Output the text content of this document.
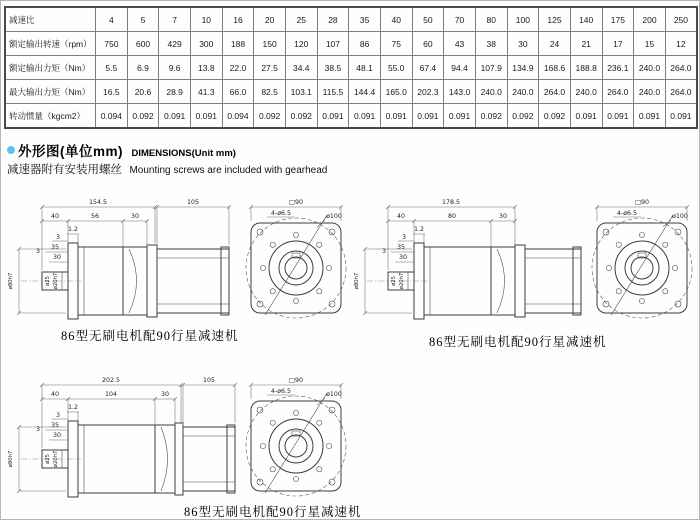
减速比	4	5	7	10	16	20	25	28	35	40	50	70	80	100	125	140	175	200	250
额定输出转速（rpm）	750	600	429	300	188	150	120	107	86	75	60	43	38	30	24	21	17	15	12
额定输出力矩（Nm）	5.5	6.9	9.6	13.8	22.0	27.5	34.4	38.5	48.1	55.0	67.4	94.4	107.9	134.9	168.6	188.8	236.1	240.0	264.0
最大输出力矩（Nm）	16.5	20.6	28.9	41.3	66.0	82.5	103.1	115.5	144.4	165.0	202.3	143.0	240.0	240.0	264.0	240.0	264.0	240.0	264.0
转动惯量（kgcm2）	0.094	0.092	0.091	0.091	0.094	0.092	0.092	0.091	0.091	0.091	0.091	0.091	0.092	0.092	0.092	0.091	0.091	0.091	0.091
外形图(单位mm) DIMENSIONS(Unit mm)
减速器附有安装用螺丝 Mounting screws are included with gearhead
154.5	105
40	56	30
1.2
3
35
3
30
ø80h7	ø25 ø20h7
□90
4-ø6.5	ø100
178.5
40	80	30
1.2
3
35
3
30
ø80h7	ø25 ø20h7
□90
4-ø6.5	ø100
202.5	105
40	104	30
1.2
3
35
3
30
ø80h7	ø25 ø20h7
□90
4-ø6.5	ø100
86型无刷电机配90行星减速机	86型无刷电机配90行星减速机
86型无刷电机配90行星减速机
